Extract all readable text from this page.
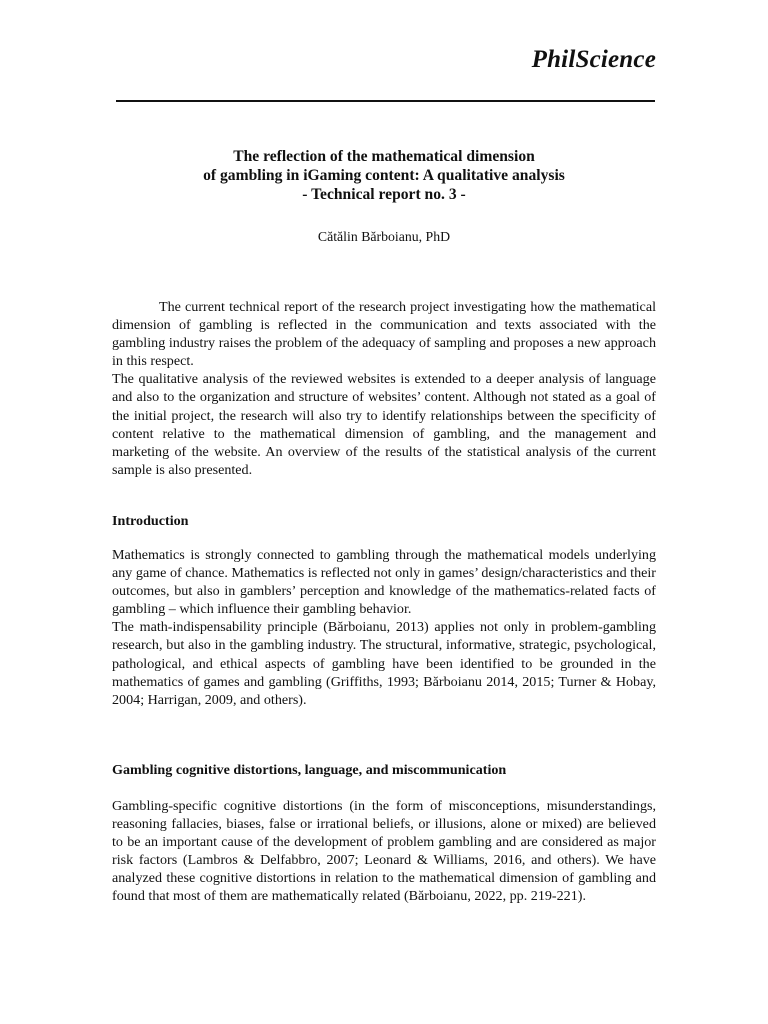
PhilScience
The reflection of the mathematical dimension
of gambling in iGaming content: A qualitative analysis
- Technical report no. 3 -
Cătălin Bărboianu, PhD

The current technical report of the research project investigating how the mathematical dimension of gambling is reflected in the communication and texts associated with the gambling industry raises the problem of the adequacy of sampling and proposes a new approach in this respect.

The qualitative analysis of the reviewed websites is extended to a deeper analysis of language and also to the organization and structure of websites’ content. Although not stated as a goal of the initial project, the research will also try to identify relationships between the specificity of content relative to the mathematical dimension of gambling, and the management and marketing of the website. An overview of the results of the statistical analysis of the current sample is also presented.

Introduction

Mathematics is strongly connected to gambling through the mathematical models underlying any game of chance. Mathematics is reflected not only in games’ design/characteristics and their outcomes, but also in gamblers’ perception and knowledge of the mathematics-related facts of gambling – which influence their gambling behavior.

The math-indispensability principle (Bărboianu, 2013) applies not only in problem-gambling research, but also in the gambling industry. The structural, informative, strategic, psychological, pathological, and ethical aspects of gambling have been identified to be grounded in the mathematics of games and gambling (Griffiths, 1993; Bărboianu 2014, 2015; Turner & Hobay, 2004; Harrigan, 2009, and others).

Gambling cognitive distortions, language, and miscommunication

Gambling-specific cognitive distortions (in the form of misconceptions, misunderstandings, reasoning fallacies, biases, false or irrational beliefs, or illusions, alone or mixed) are believed to be an important cause of the development of problem gambling and are considered as major risk factors (Lambros & Delfabbro, 2007; Leonard & Williams, 2016, and others). We have analyzed these cognitive distortions in relation to the mathematical dimension of gambling and found that most of them are mathematically related (Bărboianu, 2022, pp. 219-221).
